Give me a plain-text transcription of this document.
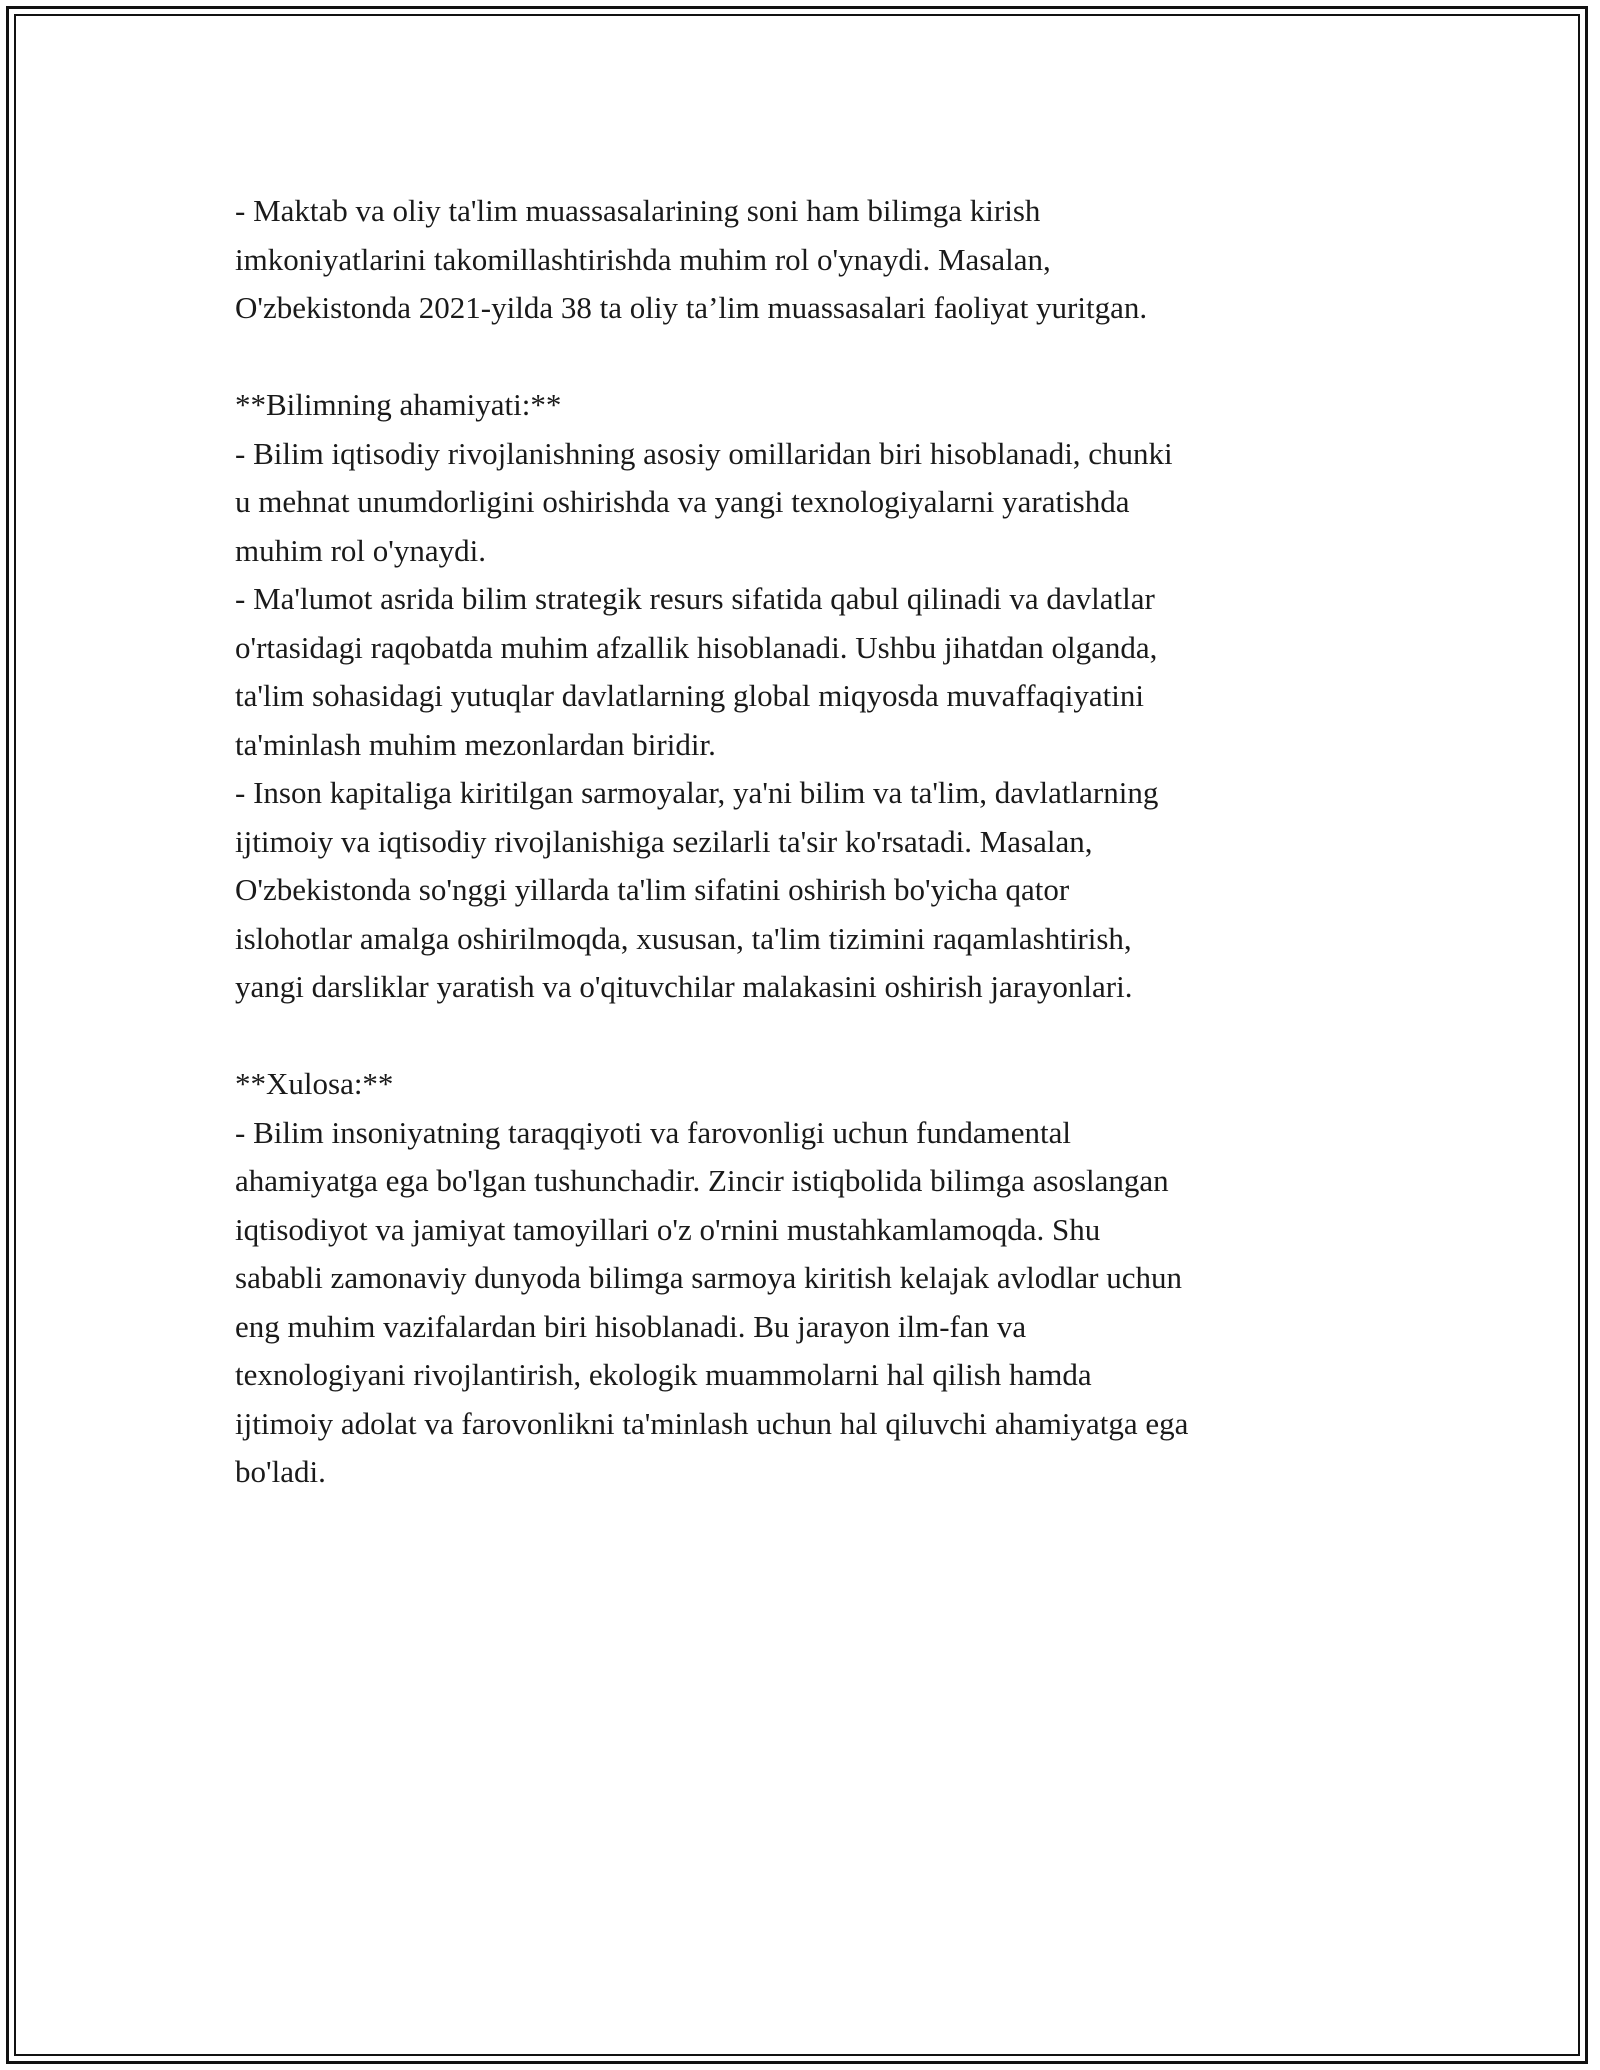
- Maktab va oliy ta'lim muassasalarining soni ham bilimga kirish

imkoniyatlarini takomillashtirishda muhim rol o'ynaydi. Masalan,

O'zbekistonda 2021-yilda 38 ta oliy ta’lim muassasalari faoliyat yuritgan.

**Bilimning ahamiyati:**

- Bilim iqtisodiy rivojlanishning asosiy omillaridan biri hisoblanadi, chunki

u mehnat unumdorligini oshirishda va yangi texnologiyalarni yaratishda

muhim rol o'ynaydi.

- Ma'lumot asrida bilim strategik resurs sifatida qabul qilinadi va davlatlar

o'rtasidagi raqobatda muhim afzallik hisoblanadi. Ushbu jihatdan olganda,

ta'lim sohasidagi yutuqlar davlatlarning global miqyosda muvaffaqiyatini

ta'minlash muhim mezonlardan biridir.

- Inson kapitaliga kiritilgan sarmoyalar, ya'ni bilim va ta'lim, davlatlarning

ijtimoiy va iqtisodiy rivojlanishiga sezilarli ta'sir ko'rsatadi. Masalan,

O'zbekistonda so'nggi yillarda ta'lim sifatini oshirish bo'yicha qator

islohotlar amalga oshirilmoqda, xususan, ta'lim tizimini raqamlashtirish,

yangi darsliklar yaratish va o'qituvchilar malakasini oshirish jarayonlari.

**Xulosa:**

- Bilim insoniyatning taraqqiyoti va farovonligi uchun fundamental

ahamiyatga ega bo'lgan tushunchadir. Zincir istiqbolida bilimga asoslangan

iqtisodiyot va jamiyat tamoyillari o'z o'rnini mustahkamlamoqda. Shu

sababli zamonaviy dunyoda bilimga sarmoya kiritish kelajak avlodlar uchun

eng muhim vazifalardan biri hisoblanadi. Bu jarayon ilm-fan va

texnologiyani rivojlantirish, ekologik muammolarni hal qilish hamda

ijtimoiy adolat va farovonlikni ta'minlash uchun hal qiluvchi ahamiyatga ega

bo'ladi.
